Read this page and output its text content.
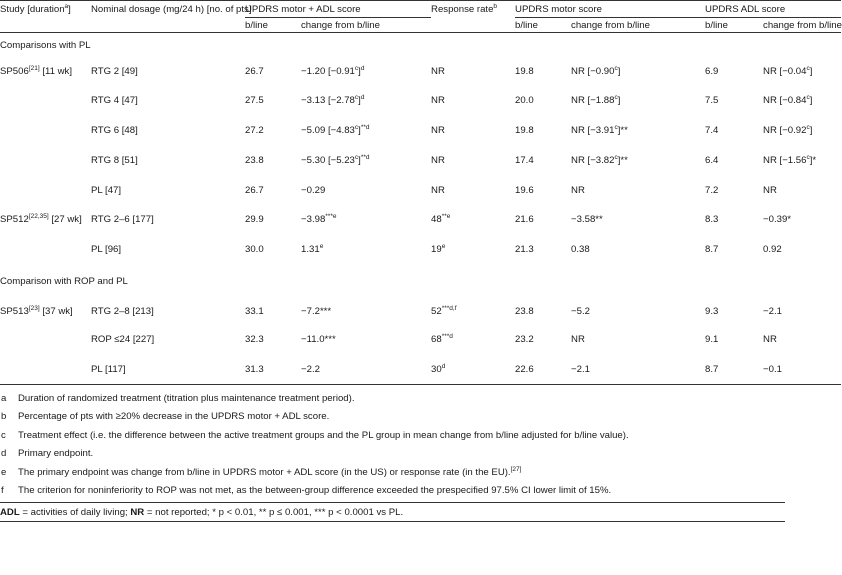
Study [duration$^a$]	Nominal dosage (mg/24 h) [no. of pts]	UPDRS motor + ADL score		Response rate$^b$	UPDRS motor score		UPDRS ADL score	
		b/line	change from b/line		b/line	change from b/line	b/line	change from b/line
Comparisons with PL								
SP506[21] [11 wk]	RTG 2 [49]	26.7	−1.20 $[-0.91^c]^d$	NR	19.8	NR [−0.90$^c$]	6.9	NR [−0.04$^c$]
	RTG 4 [47]	27.5	−3.13 $[-2.78^c]^d$	NR	20.0	NR [−1.88$^c$]	7.5	NR [−0.84$^c$]
	RTG 6 [48]	27.2	−5.09 $[-4.83^c]^{**d}$	NR	19.8	NR [−3.91$^c$]**	7.4	NR [−0.92$^c$]
	RTG 8 [51]	23.8	−5.30 $[-5.23^c]^{**d}$	NR	17.4	NR [−3.82$^c$]**	6.4	NR [−1.56$^c$]*
	PL [47]	26.7	−0.29	NR	19.6	NR	7.2	NR
SP512[22,35] [27 wk]	RTG 2–6 [177]	29.9	$-3.98^{***e}$	48$^{**e}$	21.6	−3.58**	8.3	−0.39*
	PL [96]	30.0	1.31e	19e	21.3	0.38	8.7	0.92
Comparison with ROP and PL								
SP513[23] [37 wk]	RTG 2–8 [213]	33.1	−7.2***	52$^{***d,f}$	23.8	−5.2	9.3	−2.1
	ROP ≤24 [227]	32.3	−11.0***	68$^{***d}$	23.2	NR	9.1	NR
	PL [117]	31.3	−2.2	30$^d$	22.6	−2.1	8.7	−0.1
a	Duration of randomized treatment (titration plus maintenance treatment period).
b	Percentage of pts with ≥20% decrease in the UPDRS motor + ADL score.
c	Treatment effect (i.e. the difference between the active treatment groups and the PL group in mean change from b/line adjusted for b/line value).
d	Primary endpoint.
e	The primary endpoint was change from b/line in UPDRS motor + ADL score (in the US) or response rate (in the EU).[27]
f	The criterion for noninferiority to ROP was not met, as the between-group difference exceeded the prespecified 97.5% CI lower limit of 15%.
ADL = activities of daily living; NR = not reported; * p < 0.01, ** p ≤ 0.001, *** p < 0.0001 vs PL.
